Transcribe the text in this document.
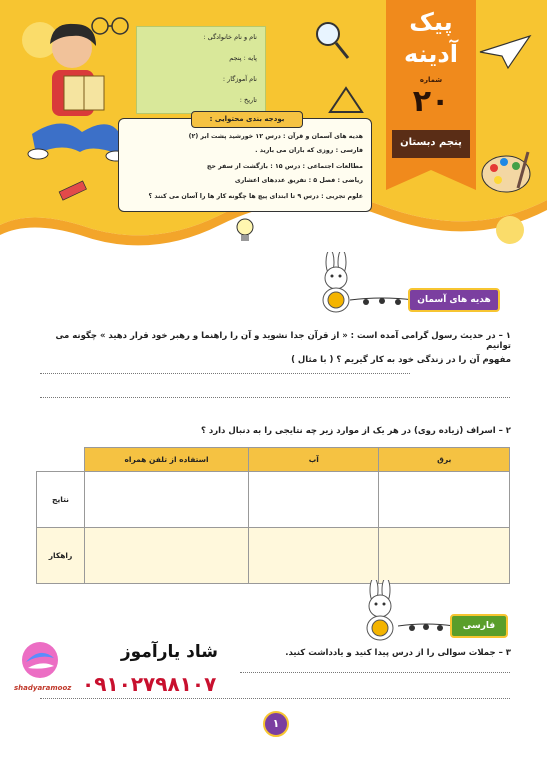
نام و نام خانوادگی :
پایه : پنجم
نام آموزگار :
تاریخ :
بودجه بندی محتوایی :
هدیه های آسمان و قرآن : درس ۱۲ خورشید پشت ابر (۲)
فارسی : روزی که باران می بارید .
مطالعات اجتماعی : درس ۱۵ : بازگشت از سفر حج
ریاضی : فصل ۵ : تفریق عددهای اعشاری
علوم تجربی : درس ۹ تا ابتدای پیچ ها چگونه کار ها را آسان می کنند ؟
پیک
آدینه
شماره
۲۰
پنجم دبستان
هدیه های آسمان
۱ – در حدیث رسول گرامی آمده است : « از قرآن جدا نشوید و آن را راهنما و رهبر خود قرار دهید » چگونه می توانیم
مفهوم آن را در زندگی خود به کار گیریم ؟ ( با مثال )
۲ – اسراف (زیاده روی) در هر یک از موارد زیر چه نتایجی را به دنبال دارد ؟
	استفاده از تلفن همراه	آب	برق
نتایج			
راهکار			
فارسی
۳ – جملات سوالی را از درس پیدا کنید و یادداشت کنید.
شاد یارآموز
shadyaramooz ۰۹۱۰۲۷۹۸۱۰۷
۱
